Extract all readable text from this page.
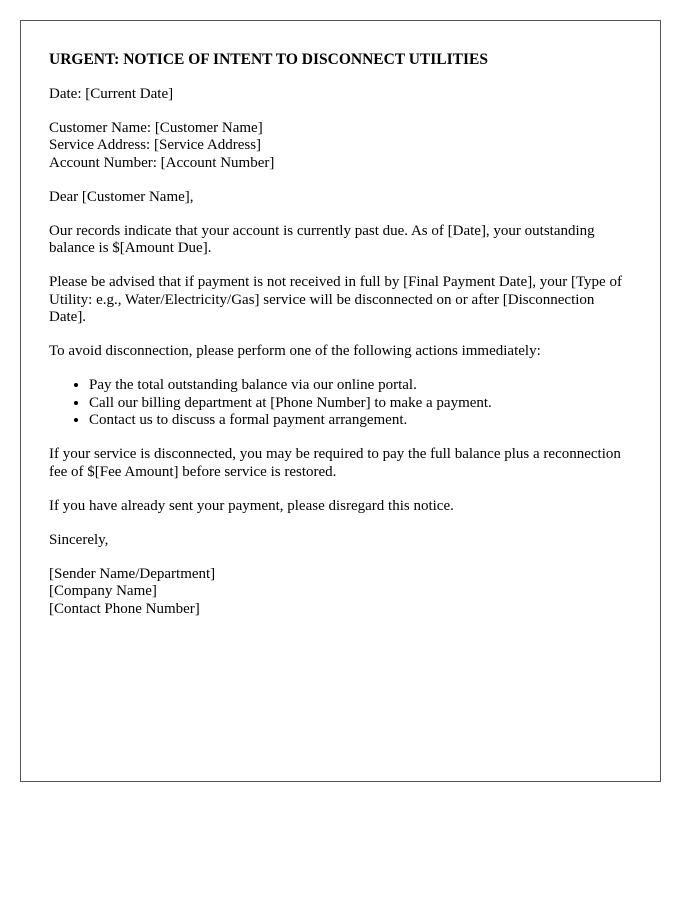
URGENT: NOTICE OF INTENT TO DISCONNECT UTILITIES

Date: [Current Date]

Customer Name: [Customer Name]
Service Address: [Service Address]
Account Number: [Account Number]

Dear [Customer Name],

Our records indicate that your account is currently past due. As of [Date], your outstanding balance is $[Amount Due].

Please be advised that if payment is not received in full by [Final Payment Date], your [Type of Utility: e.g., Water/Electricity/Gas] service will be disconnected on or after [Disconnection Date].

To avoid disconnection, please perform one of the following actions immediately:

• Pay the total outstanding balance via our online portal.
• Call our billing department at [Phone Number] to make a payment.
• Contact us to discuss a formal payment arrangement.

If your service is disconnected, you may be required to pay the full balance plus a reconnection fee of $[Fee Amount] before service is restored.

If you have already sent your payment, please disregard this notice.

Sincerely,

[Sender Name/Department]
[Company Name]
[Contact Phone Number]
